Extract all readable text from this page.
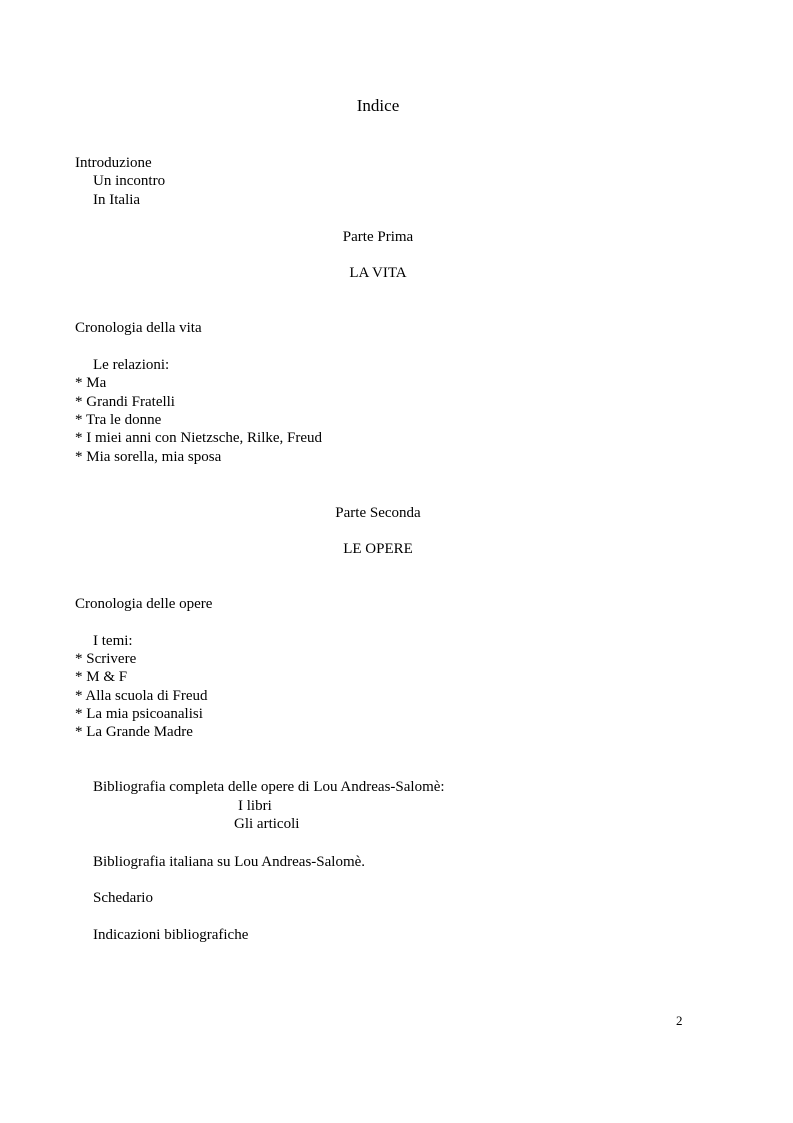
Indice
Introduzione
Un incontro
In Italia
Parte Prima
LA VITA
Cronologia della vita
Le relazioni:
* Ma
* Grandi Fratelli
* Tra le donne
* I miei anni con Nietzsche, Rilke, Freud
* Mia sorella, mia sposa
Parte Seconda
LE OPERE
Cronologia delle opere
I temi:
* Scrivere
* M & F
* Alla scuola di Freud
* La mia psicoanalisi
* La Grande Madre
Bibliografia completa delle opere di Lou Andreas-Salomè:
I libri
Gli articoli
Bibliografia italiana su Lou Andreas-Salomè.
Schedario
Indicazioni bibliografiche
2
